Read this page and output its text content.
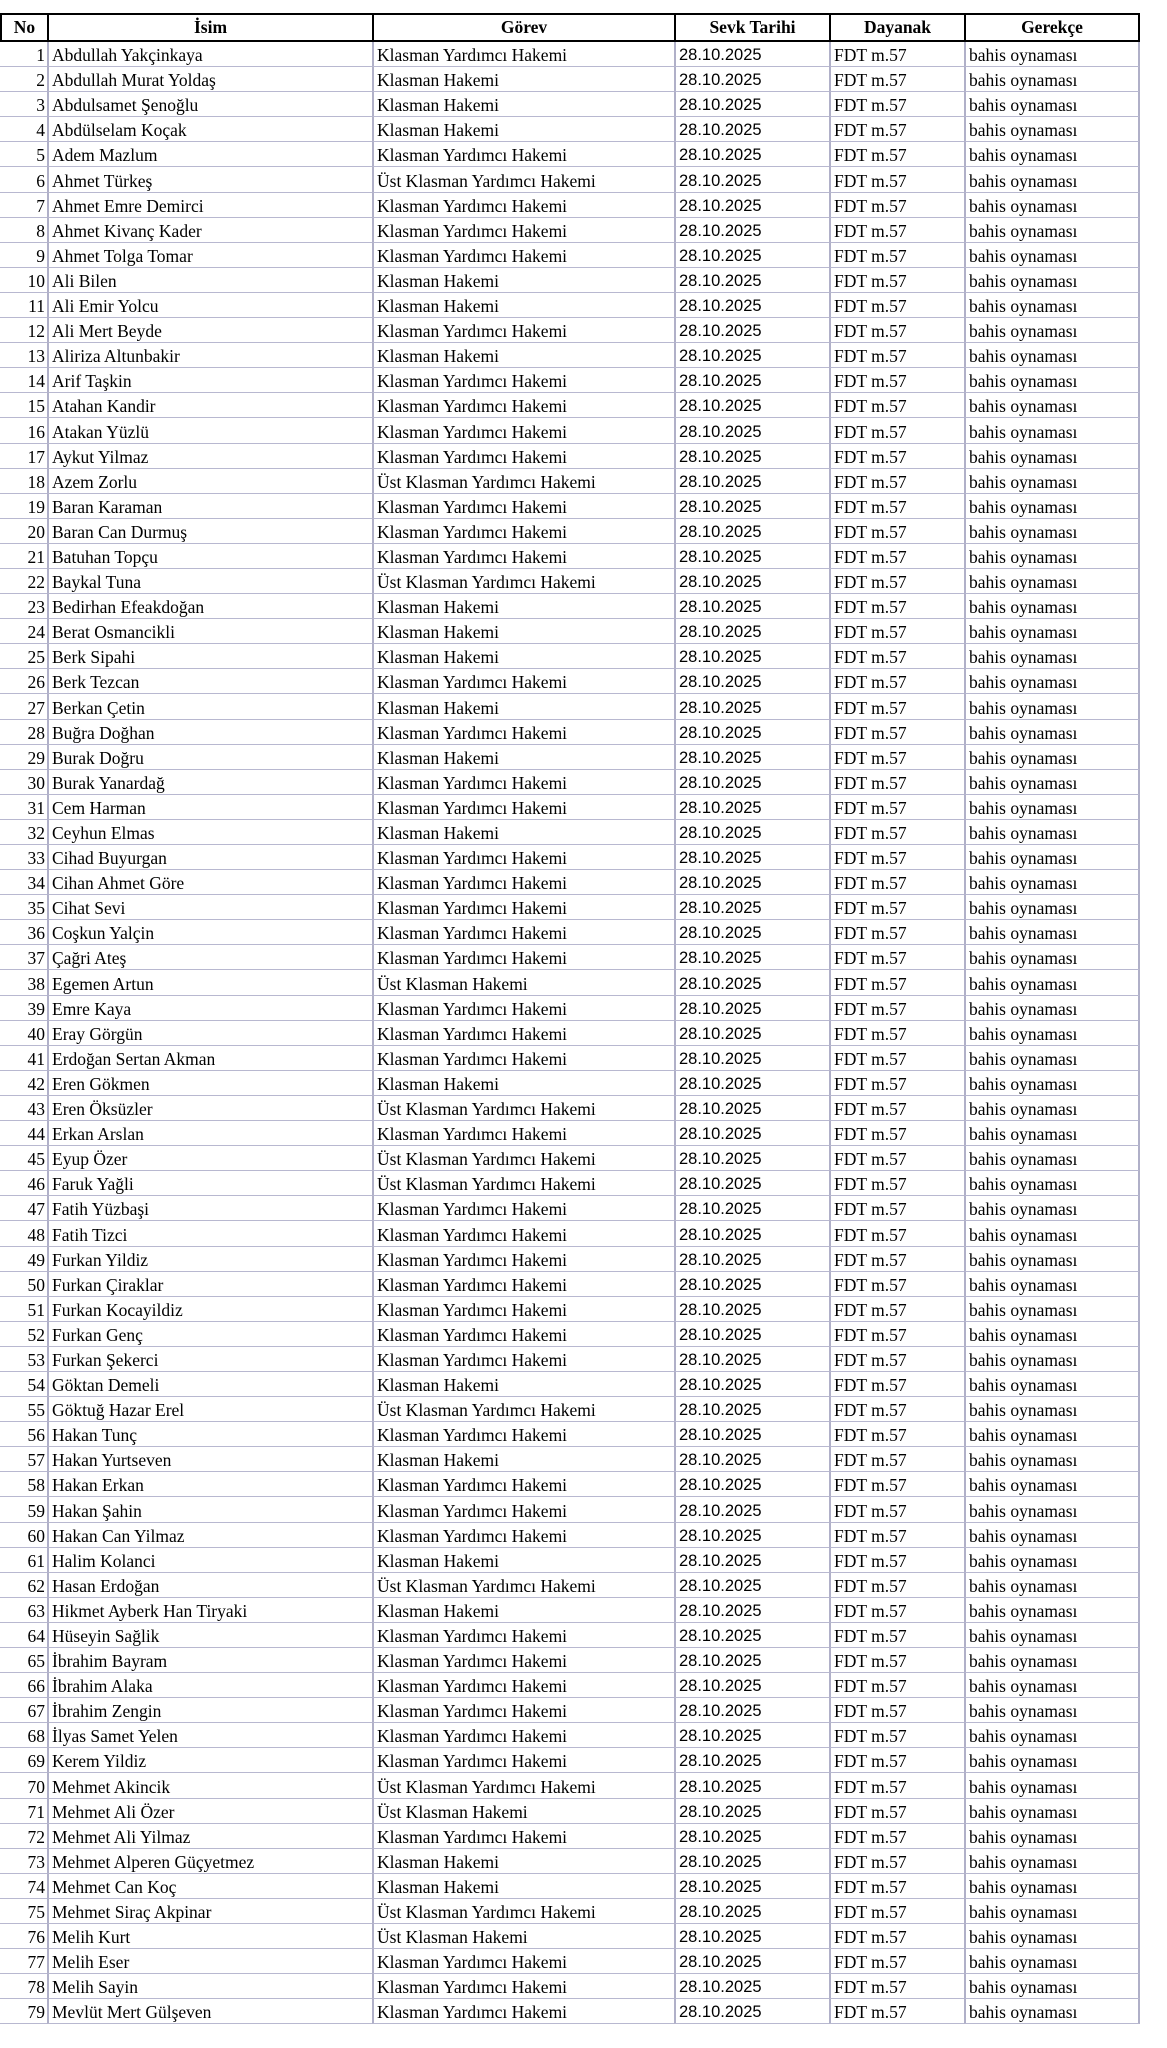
No	İsim	Görev	Sevk Tarihi	Dayanak	Gerekçe
1	Abdullah Yakçinkaya	Klasman Yardımcı Hakemi	28.10.2025	FDT m.57	bahis oynaması
2	Abdullah Murat Yoldaş	Klasman Hakemi	28.10.2025	FDT m.57	bahis oynaması
3	Abdulsamet Şenoğlu	Klasman Hakemi	28.10.2025	FDT m.57	bahis oynaması
4	Abdülselam Koçak	Klasman Hakemi	28.10.2025	FDT m.57	bahis oynaması
5	Adem Mazlum	Klasman Yardımcı Hakemi	28.10.2025	FDT m.57	bahis oynaması
6	Ahmet Türkeş	Üst Klasman Yardımcı Hakemi	28.10.2025	FDT m.57	bahis oynaması
7	Ahmet Emre Demirci	Klasman Yardımcı Hakemi	28.10.2025	FDT m.57	bahis oynaması
8	Ahmet Kivanç Kader	Klasman Yardımcı Hakemi	28.10.2025	FDT m.57	bahis oynaması
9	Ahmet Tolga Tomar	Klasman Yardımcı Hakemi	28.10.2025	FDT m.57	bahis oynaması
10	Ali Bilen	Klasman Hakemi	28.10.2025	FDT m.57	bahis oynaması
11	Ali Emir Yolcu	Klasman Hakemi	28.10.2025	FDT m.57	bahis oynaması
12	Ali Mert Beyde	Klasman Yardımcı Hakemi	28.10.2025	FDT m.57	bahis oynaması
13	Aliriza Altunbakir	Klasman Hakemi	28.10.2025	FDT m.57	bahis oynaması
14	Arif Taşkin	Klasman Yardımcı Hakemi	28.10.2025	FDT m.57	bahis oynaması
15	Atahan Kandir	Klasman Yardımcı Hakemi	28.10.2025	FDT m.57	bahis oynaması
16	Atakan Yüzlü	Klasman Yardımcı Hakemi	28.10.2025	FDT m.57	bahis oynaması
17	Aykut Yilmaz	Klasman Yardımcı Hakemi	28.10.2025	FDT m.57	bahis oynaması
18	Azem Zorlu	Üst Klasman Yardımcı Hakemi	28.10.2025	FDT m.57	bahis oynaması
19	Baran Karaman	Klasman Yardımcı Hakemi	28.10.2025	FDT m.57	bahis oynaması
20	Baran Can Durmuş	Klasman Yardımcı Hakemi	28.10.2025	FDT m.57	bahis oynaması
21	Batuhan Topçu	Klasman Yardımcı Hakemi	28.10.2025	FDT m.57	bahis oynaması
22	Baykal Tuna	Üst Klasman Yardımcı Hakemi	28.10.2025	FDT m.57	bahis oynaması
23	Bedirhan Efeakdoğan	Klasman Hakemi	28.10.2025	FDT m.57	bahis oynaması
24	Berat Osmancikli	Klasman Hakemi	28.10.2025	FDT m.57	bahis oynaması
25	Berk Sipahi	Klasman Hakemi	28.10.2025	FDT m.57	bahis oynaması
26	Berk Tezcan	Klasman Yardımcı Hakemi	28.10.2025	FDT m.57	bahis oynaması
27	Berkan Çetin	Klasman Hakemi	28.10.2025	FDT m.57	bahis oynaması
28	Buğra Doğhan	Klasman Yardımcı Hakemi	28.10.2025	FDT m.57	bahis oynaması
29	Burak Doğru	Klasman Hakemi	28.10.2025	FDT m.57	bahis oynaması
30	Burak Yanardağ	Klasman Yardımcı Hakemi	28.10.2025	FDT m.57	bahis oynaması
31	Cem Harman	Klasman Yardımcı Hakemi	28.10.2025	FDT m.57	bahis oynaması
32	Ceyhun Elmas	Klasman Hakemi	28.10.2025	FDT m.57	bahis oynaması
33	Cihad Buyurgan	Klasman Yardımcı Hakemi	28.10.2025	FDT m.57	bahis oynaması
34	Cihan Ahmet Göre	Klasman Yardımcı Hakemi	28.10.2025	FDT m.57	bahis oynaması
35	Cihat Sevi	Klasman Yardımcı Hakemi	28.10.2025	FDT m.57	bahis oynaması
36	Coşkun Yalçin	Klasman Yardımcı Hakemi	28.10.2025	FDT m.57	bahis oynaması
37	Çağri Ateş	Klasman Yardımcı Hakemi	28.10.2025	FDT m.57	bahis oynaması
38	Egemen Artun	Üst Klasman Hakemi	28.10.2025	FDT m.57	bahis oynaması
39	Emre Kaya	Klasman Yardımcı Hakemi	28.10.2025	FDT m.57	bahis oynaması
40	Eray Görgün	Klasman Yardımcı Hakemi	28.10.2025	FDT m.57	bahis oynaması
41	Erdoğan Sertan Akman	Klasman Yardımcı Hakemi	28.10.2025	FDT m.57	bahis oynaması
42	Eren Gökmen	Klasman Hakemi	28.10.2025	FDT m.57	bahis oynaması
43	Eren Öksüzler	Üst Klasman Yardımcı Hakemi	28.10.2025	FDT m.57	bahis oynaması
44	Erkan Arslan	Klasman Yardımcı Hakemi	28.10.2025	FDT m.57	bahis oynaması
45	Eyup Özer	Üst Klasman Yardımcı Hakemi	28.10.2025	FDT m.57	bahis oynaması
46	Faruk Yağli	Üst Klasman Yardımcı Hakemi	28.10.2025	FDT m.57	bahis oynaması
47	Fatih Yüzbaşi	Klasman Yardımcı Hakemi	28.10.2025	FDT m.57	bahis oynaması
48	Fatih Tizci	Klasman Yardımcı Hakemi	28.10.2025	FDT m.57	bahis oynaması
49	Furkan Yildiz	Klasman Yardımcı Hakemi	28.10.2025	FDT m.57	bahis oynaması
50	Furkan Çiraklar	Klasman Yardımcı Hakemi	28.10.2025	FDT m.57	bahis oynaması
51	Furkan Kocayildiz	Klasman Yardımcı Hakemi	28.10.2025	FDT m.57	bahis oynaması
52	Furkan Genç	Klasman Yardımcı Hakemi	28.10.2025	FDT m.57	bahis oynaması
53	Furkan Şekerci	Klasman Yardımcı Hakemi	28.10.2025	FDT m.57	bahis oynaması
54	Göktan Demeli	Klasman Hakemi	28.10.2025	FDT m.57	bahis oynaması
55	Göktuğ Hazar Erel	Üst Klasman Yardımcı Hakemi	28.10.2025	FDT m.57	bahis oynaması
56	Hakan Tunç	Klasman Yardımcı Hakemi	28.10.2025	FDT m.57	bahis oynaması
57	Hakan Yurtseven	Klasman Hakemi	28.10.2025	FDT m.57	bahis oynaması
58	Hakan Erkan	Klasman Yardımcı Hakemi	28.10.2025	FDT m.57	bahis oynaması
59	Hakan Şahin	Klasman Yardımcı Hakemi	28.10.2025	FDT m.57	bahis oynaması
60	Hakan Can Yilmaz	Klasman Yardımcı Hakemi	28.10.2025	FDT m.57	bahis oynaması
61	Halim Kolanci	Klasman Hakemi	28.10.2025	FDT m.57	bahis oynaması
62	Hasan Erdoğan	Üst Klasman Yardımcı Hakemi	28.10.2025	FDT m.57	bahis oynaması
63	Hikmet Ayberk Han Tiryaki	Klasman Hakemi	28.10.2025	FDT m.57	bahis oynaması
64	Hüseyin Sağlik	Klasman Yardımcı Hakemi	28.10.2025	FDT m.57	bahis oynaması
65	İbrahim Bayram	Klasman Yardımcı Hakemi	28.10.2025	FDT m.57	bahis oynaması
66	İbrahim Alaka	Klasman Yardımcı Hakemi	28.10.2025	FDT m.57	bahis oynaması
67	İbrahim Zengin	Klasman Yardımcı Hakemi	28.10.2025	FDT m.57	bahis oynaması
68	İlyas Samet Yelen	Klasman Yardımcı Hakemi	28.10.2025	FDT m.57	bahis oynaması
69	Kerem Yildiz	Klasman Yardımcı Hakemi	28.10.2025	FDT m.57	bahis oynaması
70	Mehmet Akincik	Üst Klasman Yardımcı Hakemi	28.10.2025	FDT m.57	bahis oynaması
71	Mehmet Ali Özer	Üst Klasman Hakemi	28.10.2025	FDT m.57	bahis oynaması
72	Mehmet Ali Yilmaz	Klasman Yardımcı Hakemi	28.10.2025	FDT m.57	bahis oynaması
73	Mehmet Alperen Güçyetmez	Klasman Hakemi	28.10.2025	FDT m.57	bahis oynaması
74	Mehmet Can Koç	Klasman Hakemi	28.10.2025	FDT m.57	bahis oynaması
75	Mehmet Siraç Akpinar	Üst Klasman Yardımcı Hakemi	28.10.2025	FDT m.57	bahis oynaması
76	Melih Kurt	Üst Klasman Hakemi	28.10.2025	FDT m.57	bahis oynaması
77	Melih Eser	Klasman Yardımcı Hakemi	28.10.2025	FDT m.57	bahis oynaması
78	Melih Sayin	Klasman Yardımcı Hakemi	28.10.2025	FDT m.57	bahis oynaması
79	Mevlüt Mert Gülşeven	Klasman Yardımcı Hakemi	28.10.2025	FDT m.57	bahis oynaması
